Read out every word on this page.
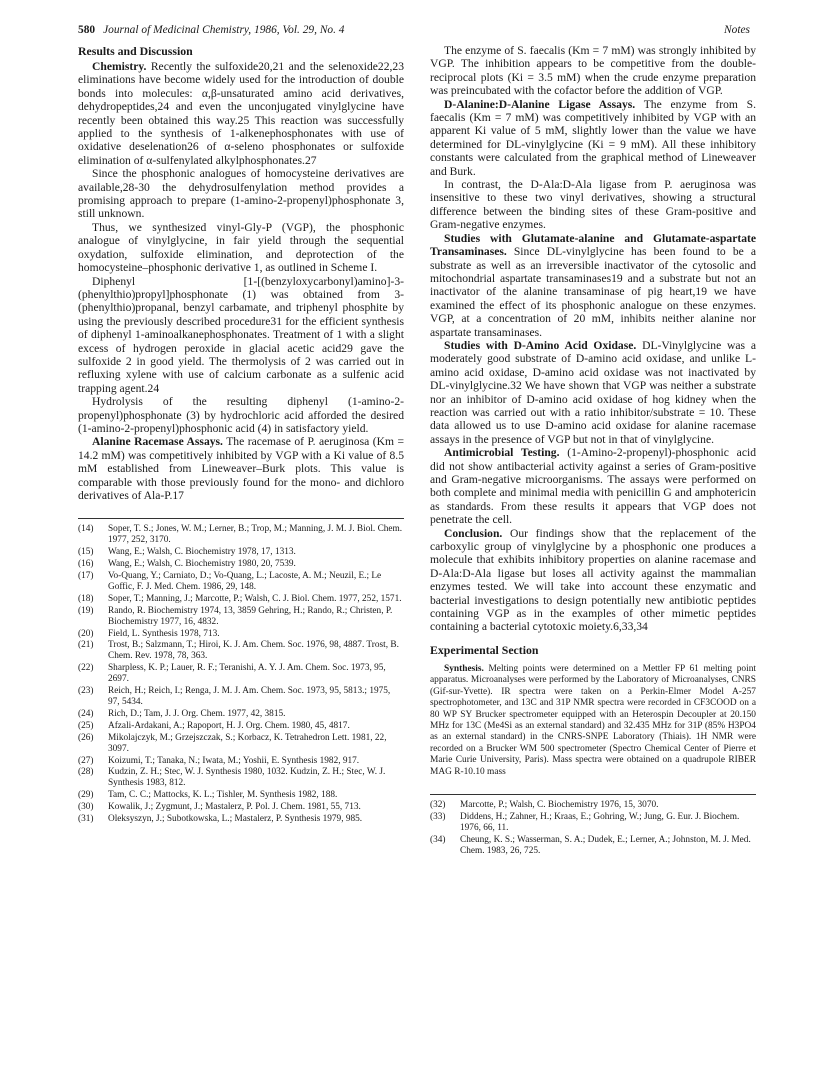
580 Journal of Medicinal Chemistry, 1986, Vol. 29, No. 4	Notes
Results and Discussion

Chemistry. Recently the sulfoxide20,21 and the selenoxide22,23 eliminations have become widely used for the introduction of double bonds into molecules: α,β-unsaturated amino acid derivatives, dehydropeptides,24 and even the unconjugated vinylglycine have recently been obtained this way.25 This reaction was successfully applied to the synthesis of 1-alkenephosphonates with use of oxidative deselenation26 of α-seleno phosphonates or sulfoxide elimination of α-sulfenylated alkylphosphonates.27

Since the phosphonic analogues of homocysteine derivatives are available,28-30 the dehydrosulfenylation method provides a promising approach to prepare (1-amino-2-propenyl)phosphonate 3, still unknown.

Thus, we synthesized vinyl-Gly-P (VGP), the phosphonic analogue of vinylglycine, in fair yield through the sequential oxydation, sulfoxide elimination, and deprotection of the homocysteine–phosphonic derivative 1, as outlined in Scheme I.

Diphenyl [1-[(benzyloxycarbonyl)amino]-3-(phenylthio)propyl]phosphonate (1) was obtained from 3-(phenylthio)propanal, benzyl carbamate, and triphenyl phosphite by using the previously described procedure31 for the efficient synthesis of diphenyl 1-aminoalkanephosphonates. Treatment of 1 with a slight excess of hydrogen peroxide in glacial acetic acid29 gave the sulfoxide 2 in good yield. The thermolysis of 2 was carried out in refluxing xylene with use of calcium carbonate as a sulfenic acid trapping agent.24

Hydrolysis of the resulting diphenyl (1-amino-2-propenyl)phosphonate (3) by hydrochloric acid afforded the desired (1-amino-2-propenyl)phosphonic acid (4) in satisfactory yield.

Alanine Racemase Assays. The racemase of P. aeruginosa (Km = 14.2 mM) was competitively inhibited by VGP with a Ki value of 8.5 mM established from Lineweaver–Burk plots. This value is comparable with those previously found for the mono- and dichloro derivatives of Ala-P.17

(14) Soper, T. S.; Jones, W. M.; Lerner, B.; Trop, M.; Manning, J. M. J. Biol. Chem. 1977, 252, 3170.
(15) Wang, E.; Walsh, C. Biochemistry 1978, 17, 1313.
(16) Wang, E.; Walsh, C. Biochemistry 1980, 20, 7539.
(17) Vo-Quang, Y.; Carniato, D.; Vo-Quang, L.; Lacoste, A. M.; Neuzil, E.; Le Goffic, F. J. Med. Chem. 1986, 29, 148.
(18) Soper, T.; Manning, J.; Marcotte, P.; Walsh, C. J. Biol. Chem. 1977, 252, 1571.
(19) Rando, R. Biochemistry 1974, 13, 3859 Gehring, H.; Rando, R.; Christen, P. Biochemistry 1977, 16, 4832.
(20) Field, L. Synthesis 1978, 713.
(21) Trost, B.; Salzmann, T.; Hiroi, K. J. Am. Chem. Soc. 1976, 98, 4887. Trost, B. Chem. Rev. 1978, 78, 363.
(22) Sharpless, K. P.; Lauer, R. F.; Teranishi, A. Y. J. Am. Chem. Soc. 1973, 95, 2697.
(23) Reich, H.; Reich, I.; Renga, J. M. J. Am. Chem. Soc. 1973, 95, 5813.; 1975, 97, 5434.
(24) Rich, D.; Tam, J. J. Org. Chem. 1977, 42, 3815.
(25) Afzali-Ardakani, A.; Rapoport, H. J. Org. Chem. 1980, 45, 4817.
(26) Mikolajczyk, M.; Grzejszczak, S.; Korbacz, K. Tetrahedron Lett. 1981, 22, 3097.
(27) Koizumi, T.; Tanaka, N.; Iwata, M.; Yoshii, E. Synthesis 1982, 917.
(28) Kudzin, Z. H.; Stec, W. J. Synthesis 1980, 1032. Kudzin, Z. H.; Stec, W. J. Synthesis 1983, 812.
(29) Tam, C. C.; Mattocks, K. L.; Tishler, M. Synthesis 1982, 188.
(30) Kowalik, J.; Zygmunt, J.; Mastalerz, P. Pol. J. Chem. 1981, 55, 713.
(31) Oleksyszyn, J.; Subotkowska, L.; Mastalerz, P. Synthesis 1979, 985.

The enzyme of S. faecalis (Km = 7 mM) was strongly inhibited by VGP. The inhibition appears to be competitive from the double-reciprocal plots (Ki = 3.5 mM) when the crude enzyme preparation was preincubated with the cofactor before the addition of VGP.

D-Alanine:D-Alanine Ligase Assays. The enzyme from S. faecalis (Km = 7 mM) was competitively inhibited by VGP with an apparent Ki value of 5 mM, slightly lower than the value we have determined for DL-vinylglycine (Ki = 9 mM). All these inhibitory constants were calculated from the graphical method of Lineweaver and Burk.

In contrast, the D-Ala:D-Ala ligase from P. aeruginosa was insensitive to these two vinyl derivatives, showing a structural difference between the binding sites of these Gram-positive and Gram-negative enzymes.

Studies with Glutamate-alanine and Glutamate-aspartate Transaminases. Since DL-vinylglycine has been found to be a substrate as well as an irreversible inactivator of the cytosolic and mitochondrial aspartate transaminases19 and a substrate but not an inactivator of the alanine transaminase of pig heart,19 we have examined the effect of its phosphonic analogue on these enzymes. VGP, at a concentration of 20 mM, inhibits neither alanine nor aspartate transaminases.

Studies with D-Amino Acid Oxidase. DL-Vinylglycine was a moderately good substrate of D-amino acid oxidase, and unlike L-amino acid oxidase, D-amino acid oxidase was not inactivated by DL-vinylglycine.32 We have shown that VGP was neither a substrate nor an inhibitor of D-amino acid oxidase of hog kidney when the reaction was carried out with a ratio inhibitor/substrate = 10. These data allowed us to use D-amino acid oxidase for alanine racemase assays in the presence of VGP but not in that of vinylglycine.

Antimicrobial Testing. (1-Amino-2-propenyl)-phosphonic acid did not show antibacterial activity against a series of Gram-positive and Gram-negative microorganisms. The assays were performed on both complete and minimal media with penicillin G and amphotericin as standards. From these results it appears that VGP does not penetrate the cell.

Conclusion. Our findings show that the replacement of the carboxylic group of vinylglycine by a phosphonic one produces a molecule that exhibits inhibitory properties on alanine racemase and D-Ala:D-Ala ligase but loses all activity against the mammalian enzymes tested. We will take into account these enzymatic and bacterial investigations to design potentially new antibiotic peptides containing VGP as in the examples of other mimetic peptides containing a bacterial cytotoxic moiety.6,33,34

Experimental Section

Synthesis. Melting points were determined on a Mettler FP 61 melting point apparatus. Microanalyses were performed by the Laboratory of Microanalyses, CNRS (Gif-sur-Yvette). IR spectra were taken on a Perkin-Elmer Model A-257 spectrophotometer, and 13C and 31P NMR spectra were recorded in CF3COOD on a 80 WP SY Brucker spectrometer equipped with an Heterospin Decoupler at 20.150 MHz for 13C (Me4Si as an external standard) and 32.435 MHz for 31P (85% H3PO4 as an external standard) in the CNRS-SNPE Laboratory (Thiais). 1H NMR were recorded on a Brucker WM 500 spectrometer (Spectro Chemical Center of Pierre et Marie Curie University, Paris). Mass spectra were obtained on a quadrupole RIBER MAG R-10.10 mass

(32) Marcotte, P.; Walsh, C. Biochemistry 1976, 15, 3070.
(33) Diddens, H.; Zahner, H.; Kraas, E.; Gohring, W.; Jung, G. Eur. J. Biochem. 1976, 66, 11.
(34) Cheung, K. S.; Wasserman, S. A.; Dudek, E.; Lerner, A.; Johnston, M. J. Med. Chem. 1983, 26, 725.
